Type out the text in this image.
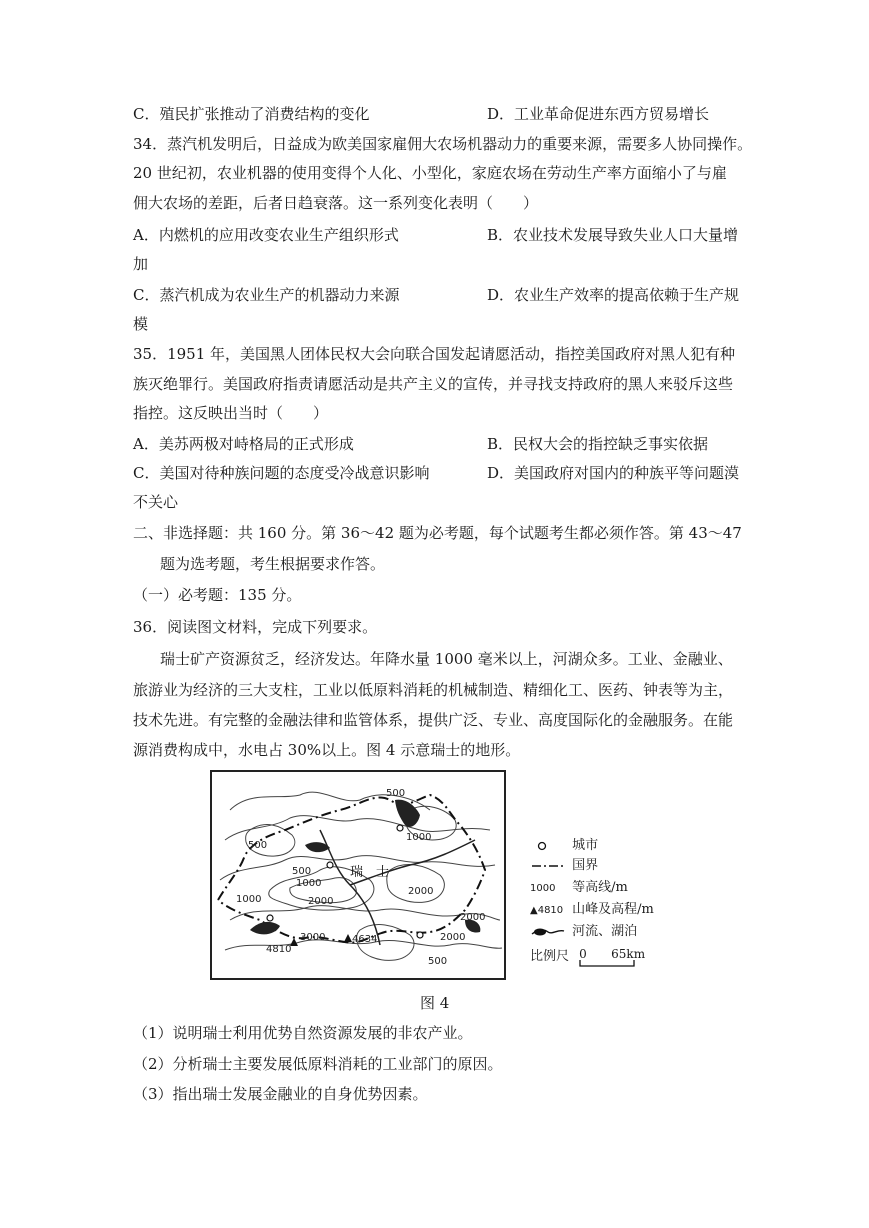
C．殖民扩张推动了消费结构的变化	D．工业革命促进东西方贸易增长
34．蒸汽机发明后，日益成为欧美国家雇佣大农场机器动力的重要来源，需要多人协同操作。
20 世纪初，农业机器的使用变得个人化、小型化，家庭农场在劳动生产率方面缩小了与雇
佣大农场的差距，后者日趋衰落。这一系列变化表明（　　）
A．内燃机的应用改变农业生产组织形式	B．农业技术发展导致失业人口大量增
加
C．蒸汽机成为农业生产的机器动力来源	D．农业生产效率的提高依赖于生产规
模
35．1951 年，美国黑人团体民权大会向联合国发起请愿活动，指控美国政府对黑人犯有种
族灭绝罪行。美国政府指责请愿活动是共产主义的宣传，并寻找支持政府的黑人来驳斥这些
指控。这反映出当时（　　）
A．美苏两极对峙格局的正式形成	B．民权大会的指控缺乏事实依据
C．美国对待种族问题的态度受冷战意识影响	D．美国政府对国内的种族平等问题漠
不关心
二、非选择题：共 160 分。第 36～42 题为必考题，每个试题考生都必须作答。第 43～47
题为选考题，考生根据要求作答。
（一）必考题：135 分。
36．阅读图文材料，完成下列要求。
瑞士矿产资源贫乏，经济发达。年降水量 1000 毫米以上，河湖众多。工业、金融业、
旅游业为经济的三大支柱，工业以低原料消耗的机械制造、精细化工、医药、钟表等为主，
技术先进。有完整的金融法律和监管体系，提供广泛、专业、高度国际化的金融服务。在能
源消费构成中，水电占 30%以上。图 4 示意瑞士的地形。
500
1000
500
500
1000
2000
1000
2000
2000
3000
2000
500
4810
4634
瑞　士
城市
国界
1000 等高线/m
▲4810 山峰及高程/m
河流、湖泊
比例尺 0 65km
图 4
（1）说明瑞士利用优势自然资源发展的非农产业。
（2）分析瑞士主要发展低原料消耗的工业部门的原因。
（3）指出瑞士发展金融业的自身优势因素。
